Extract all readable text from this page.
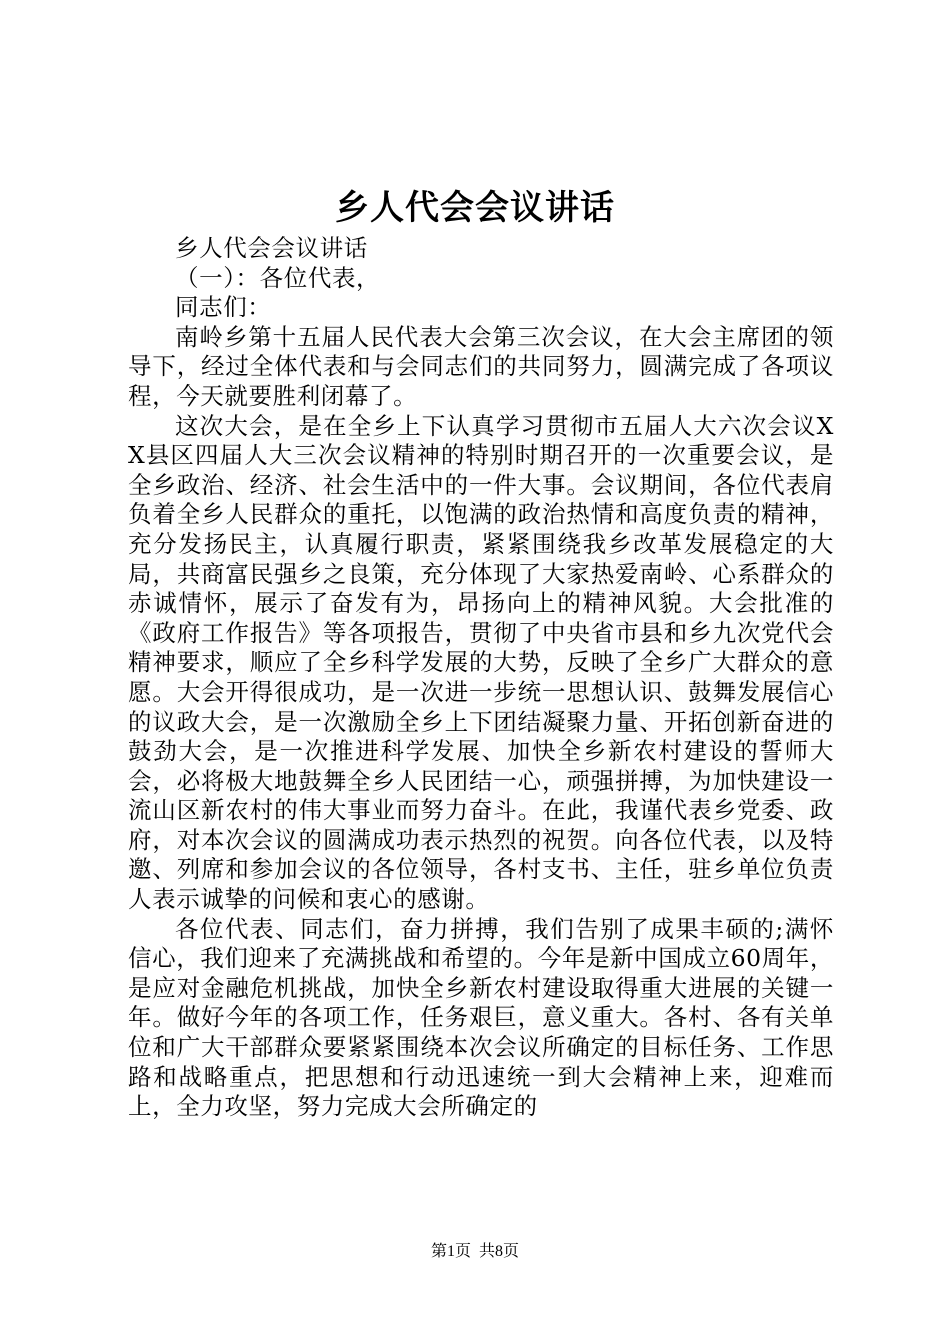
乡人代会会议讲话

乡人代会会议讲话

（一）：各位代表，

同志们：

南岭乡第十五届人民代表大会第三次会议，在大会主席团的领导下，经过全体代表和与会同志们的共同努力，圆满完成了各项议程，今天就要胜利闭幕了。

这次大会，是在全乡上下认真学习贯彻市五届人大六次会议XX县区四届人大三次会议精神的特别时期召开的一次重要会议，是全乡政治、经济、社会生活中的一件大事。会议期间，各位代表肩负着全乡人民群众的重托，以饱满的政治热情和高度负责的精神，充分发扬民主，认真履行职责，紧紧围绕我乡改革发展稳定的大局，共商富民强乡之良策，充分体现了大家热爱南岭、心系群众的赤诚情怀，展示了奋发有为，昂扬向上的精神风貌。大会批准的《政府工作报告》等各项报告，贯彻了中央省市县和乡九次党代会精神要求，顺应了全乡科学发展的大势，反映了全乡广大群众的意愿。大会开得很成功，是一次进一步统一思想认识、鼓舞发展信心的议政大会，是一次激励全乡上下团结凝聚力量、开拓创新奋进的鼓劲大会，是一次推进科学发展、加快全乡新农村建设的誓师大会，必将极大地鼓舞全乡人民团结一心，顽强拼搏，为加快建设一流山区新农村的伟大事业而努力奋斗。在此，我谨代表乡党委、政府，对本次会议的圆满成功表示热烈的祝贺。向各位代表，以及特邀、列席和参加会议的各位领导，各村支书、主任，驻乡单位负责人表示诚挚的问候和衷心的感谢。

各位代表、同志们，奋力拼搏，我们告别了成果丰硕的;满怀信心，我们迎来了充满挑战和希望的。今年是新中国成立60周年，是应对金融危机挑战，加快全乡新农村建设取得重大进展的关键一年。做好今年的各项工作，任务艰巨，意义重大。各村、各有关单位和广大干部群众要紧紧围绕本次会议所确定的目标任务、工作思路和战略重点，把思想和行动迅速统一到大会精神上来，迎难而上，全力攻坚，努力完成大会所确定的

第1页 共8页
